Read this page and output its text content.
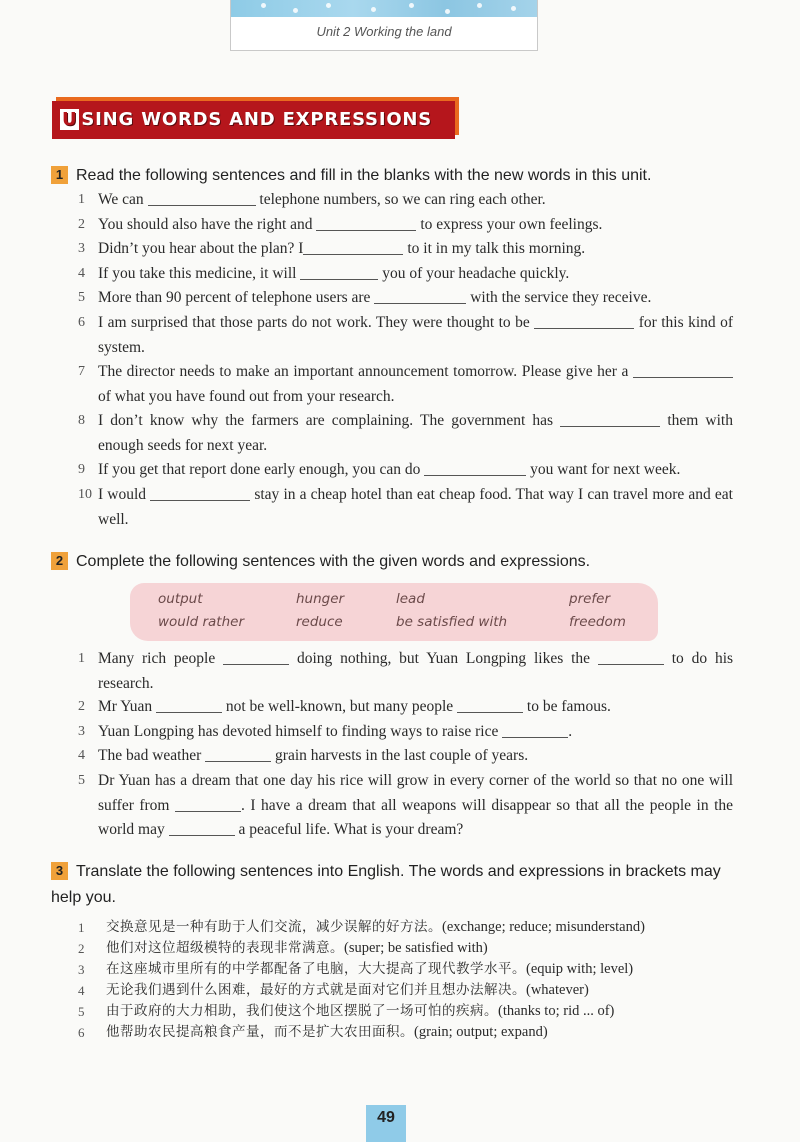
Unit 2 Working the land
U SING WORDS AND EXPRESSIONS
1 Read the following sentences and fill in the blanks with the new words in this unit.
1 We can	telephone numbers, so we can ring each other.
2 You should also have the right and	to express your own feelings.
3 Didn’t you hear about the plan? I	to it in my talk this morning.
4 If you take this medicine, it will	you of your headache quickly.
5 More than 90 percent of telephone users are	with the service they receive.
6 I am surprised that those parts do not work. They were thought to be	for this kind of system.
7 The director needs to make an important announcement tomorrow. Please give her a  of what you have found out from your research.
8 I don’t know why the farmers are complaining. The government has	them with enough seeds for next year.
9 If you get that report done early enough, you can do	you want for next week.
10 I would	stay in a cheap hotel than eat cheap food. That way I can travel more and eat well.
2 Complete the following sentences with the given words and expressions.
output	hunger	lead	prefer
would rather	reduce	be satisfied with	freedom
1 Many rich people	doing nothing, but Yuan Longping likes the	to do his research.
2 Mr Yuan	not be well-known, but many people	to be famous.
3 Yuan Longping has devoted himself to finding ways to raise rice	.
4 The bad weather	grain harvests in the last couple of years.
5 Dr Yuan has a dream that one day his rice will grow in every corner of the world so that no one will suffer from	. I have a dream that all weapons will disappear so that all the people in the world may	a peaceful life. What is your dream?
3 Translate the following sentences into English. The words and expressions in brackets may help you.
1 交换意见是一种有助于人们交流，减少误解的好方法。(exchange; reduce; misunderstand)
2 他们对这位超级模特的表现非常满意。(super; be satisfied with)
3 在这座城市里所有的中学都配备了电脑，大大提高了现代教学水平。(equip with; level)
4 无论我们遇到什么困难，最好的方式就是面对它们并且想办法解决。(whatever)
5 由于政府的大力相助，我们使这个地区摆脱了一场可怕的疾病。(thanks to; rid ... of)
6 他帮助农民提高粮食产量，而不是扩大农田面积。(grain; output; expand)
49
